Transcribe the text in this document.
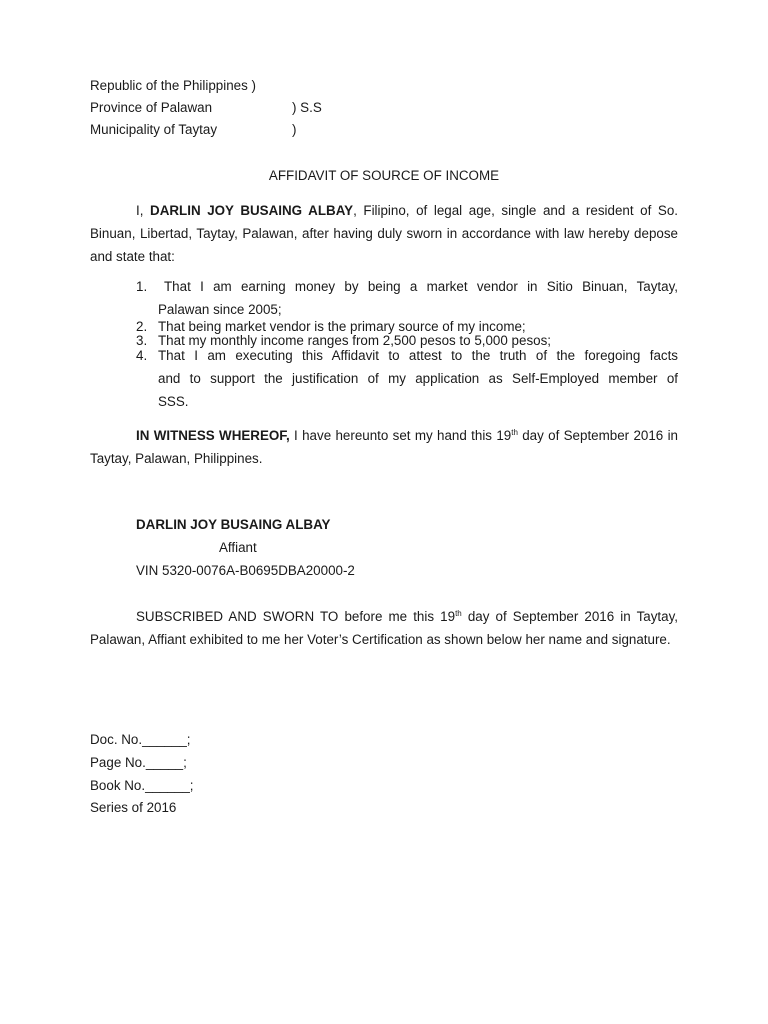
Republic of the Philippines )
Province of Palawan	) S.S
Municipality of Taytay	)
AFFIDAVIT OF SOURCE OF INCOME
I, DARLIN JOY BUSAING ALBAY, Filipino, of legal age, single and a resident of So. Binuan, Libertad, Taytay, Palawan, after having duly sworn in accordance with law hereby depose and state that:
1.	That I am earning money by being a market vendor in Sitio Binuan, Taytay,
Palawan since 2005;
2. That being market vendor is the primary source of my income;
3. That my monthly income ranges from 2,500 pesos to 5,000 pesos;
4. That I am executing this Affidavit to attest to the truth of the foregoing facts
and to support the justification of my application as Self-Employed member of
SSS.
IN WITNESS WHEREOF, I have hereunto set my hand this 19th day of September 2016 in Taytay, Palawan, Philippines.
DARLIN JOY BUSAING ALBAY
Affiant
VIN 5320-0076A-B0695DBA20000-2
SUBSCRIBED AND SWORN TO before me this 19th day of September 2016 in Taytay, Palawan, Affiant exhibited to me her Voter’s Certification as shown below her name and signature.
Doc. No.______;
Page No._____;
Book No.______;
Series of 2016
